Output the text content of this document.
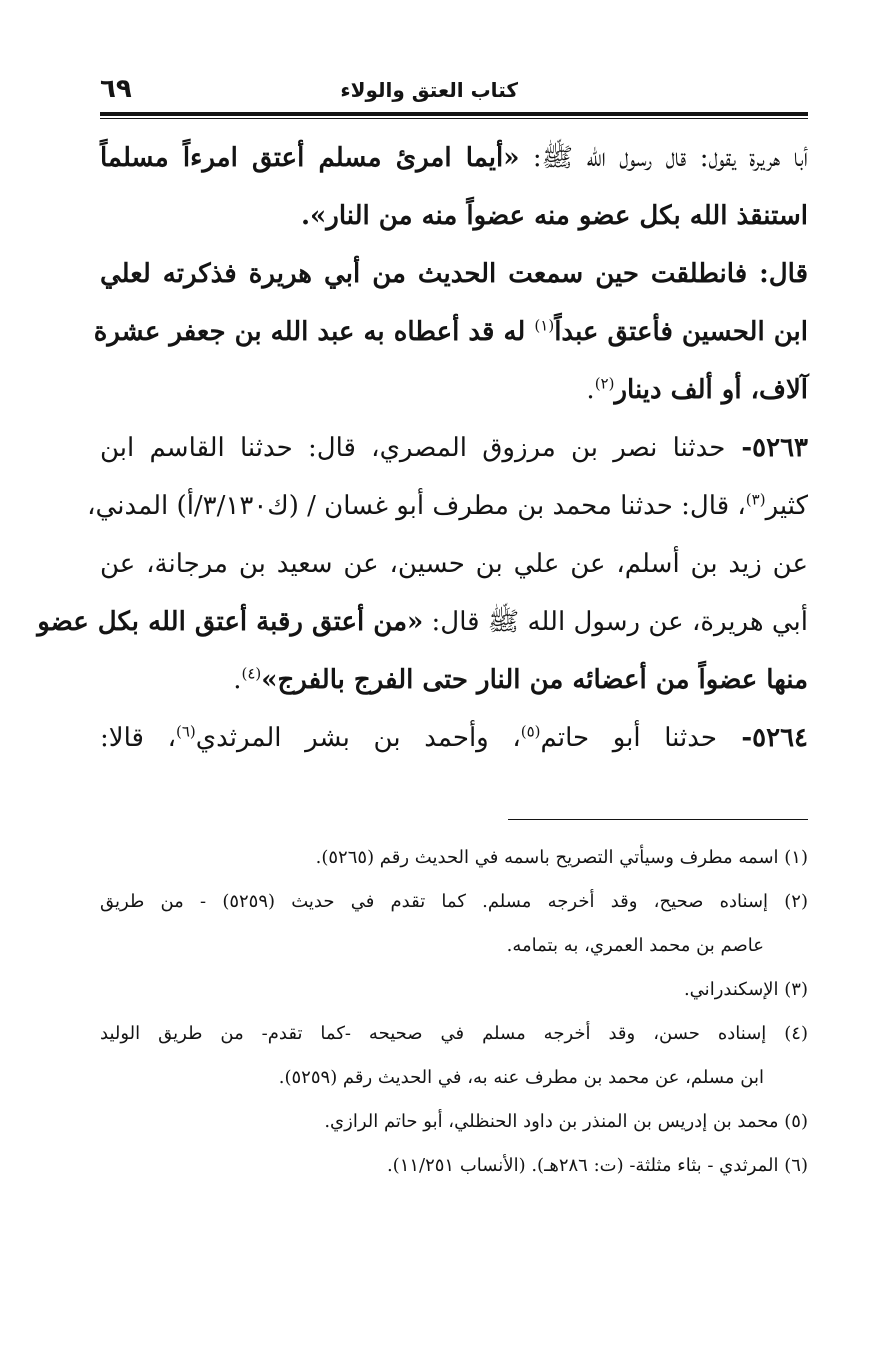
كتاب العتق والولاء
٦٩
أبا هريرة يقول: قال رسول الله ﷺ: «أيما امرئ مسلم أعتق امرءاً مسلماً
استنقذ الله بكل عضو منه عضواً منه من النار».
قال: فانطلقت حين سمعت الحديث من أبي هريرة فذكرته لعلي
ابن الحسين فأعتق عبداً$^{(١)}$ له قد أعطاه به عبد الله بن جعفر عشرة
آلاف، أو ألف دينار$^{(٢)}$.
٥٢٦٣- حدثنا نصر بن مرزوق المصري، قال: حدثنا القاسم ابن
كثير$^{(٣)}$، قال: حدثنا محمد بن مطرف أبو غسان / (ك٣/١٣٠/أ) المدني،
عن زيد بن أسلم، عن علي بن حسين، عن سعيد بن مرجانة، عن
أبي هريرة، عن رسول الله ﷺ قال: «من أعتق رقبة أعتق الله بكل عضو
منها عضواً من أعضائه من النار حتى الفرج بالفرج»$^{(٤)}$.
٥٢٦٤- حدثنا أبو حاتم$^{(٥)}$، وأحمد بن بشر المرثدي$^{(٦)}$، قالا:
(١) اسمه مطرف وسيأتي التصريح باسمه في الحديث رقم (٥٢٦٥).
(٢) إسناده صحيح، وقد أخرجه مسلم. كما تقدم في حديث (٥٢٥٩) - من طريق
عاصم بن محمد العمري، به بتمامه.
(٣) الإسكندراني.
(٤) إسناده حسن، وقد أخرجه مسلم في صحيحه -كما تقدم- من طريق الوليد
ابن مسلم، عن محمد بن مطرف عنه به، في الحديث رقم (٥٢٥٩).
(٥) محمد بن إدريس بن المنذر بن داود الحنظلي، أبو حاتم الرازي.
(٦) المرثدي - بثاء مثلثة- (ت: ٢٨٦هـ). (الأنساب ١١/٢٥١).
